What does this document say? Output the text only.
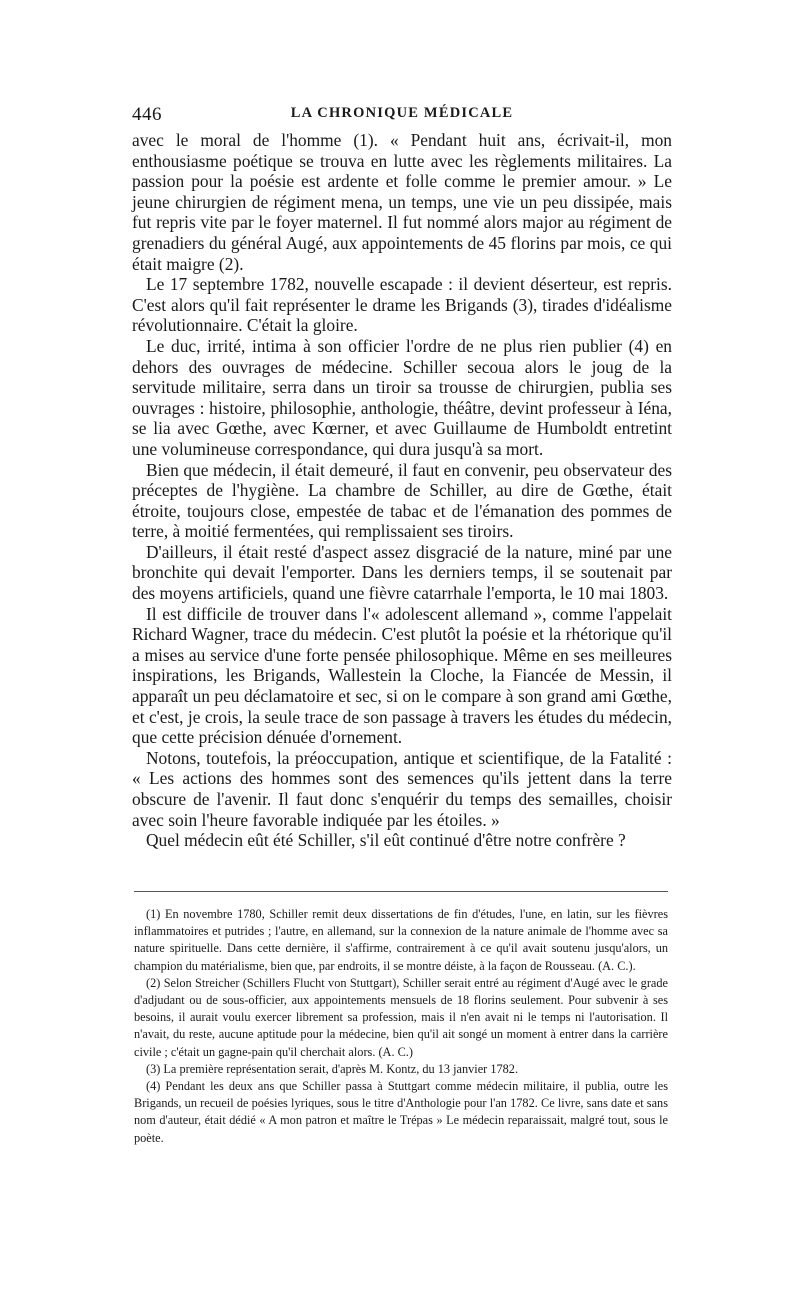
446	LA CHRONIQUE MÉDICALE

avec le moral de l'homme (1). « Pendant huit ans, écrivait-il, mon enthousiasme poétique se trouva en lutte avec les règlements militaires. La passion pour la poésie est ardente et folle comme le premier amour. » Le jeune chirurgien de régiment mena, un temps, une vie un peu dissipée, mais fut repris vite par le foyer maternel. Il fut nommé alors major au régiment de grenadiers du général Augé, aux appointements de 45 florins par mois, ce qui était maigre (2).

Le 17 septembre 1782, nouvelle escapade : il devient déserteur, est repris. C'est alors qu'il fait représenter le drame les Brigands (3), tirades d'idéalisme révolutionnaire. C'était la gloire.

Le duc, irrité, intima à son officier l'ordre de ne plus rien publier (4) en dehors des ouvrages de médecine. Schiller secoua alors le joug de la servitude militaire, serra dans un tiroir sa trousse de chirurgien, publia ses ouvrages : histoire, philosophie, anthologie, théâtre, devint professeur à Iéna, se lia avec Gœthe, avec Kœrner, et avec Guillaume de Humboldt entretint une volumineuse correspondance, qui dura jusqu'à sa mort.

Bien que médecin, il était demeuré, il faut en convenir, peu observateur des préceptes de l'hygiène. La chambre de Schiller, au dire de Gœthe, était étroite, toujours close, empestée de tabac et de l'émanation des pommes de terre, à moitié fermentées, qui remplissaient ses tiroirs.

D'ailleurs, il était resté d'aspect assez disgracié de la nature, miné par une bronchite qui devait l'emporter. Dans les derniers temps, il se soutenait par des moyens artificiels, quand une fièvre catarrhale l'emporta, le 10 mai 1803.

Il est difficile de trouver dans l'« adolescent allemand », comme l'appelait Richard Wagner, trace du médecin. C'est plutôt la poésie et la rhétorique qu'il a mises au service d'une forte pensée philosophique. Même en ses meilleures inspirations, les Brigands, Wallestein la Cloche, la Fiancée de Messin, il apparaît un peu déclamatoire et sec, si on le compare à son grand ami Gœthe, et c'est, je crois, la seule trace de son passage à travers les études du médecin, que cette précision dénuée d'ornement.

Notons, toutefois, la préoccupation, antique et scientifique, de la Fatalité : « Les actions des hommes sont des semences qu'ils jettent dans la terre obscure de l'avenir. Il faut donc s'enquérir du temps des semailles, choisir avec soin l'heure favorable indiquée par les étoiles. »

Quel médecin eût été Schiller, s'il eût continué d'être notre confrère ?

(1) En novembre 1780, Schiller remit deux dissertations de fin d'études, l'une, en latin, sur les fièvres inflammatoires et putrides ; l'autre, en allemand, sur la connexion de la nature animale de l'homme avec sa nature spirituelle. Dans cette dernière, il s'affirme, contrairement à ce qu'il avait soutenu jusqu'alors, un champion du matérialisme, bien que, par endroits, il se montre déiste, à la façon de Rousseau. (A. C.).

(2) Selon Streicher (Schillers Flucht von Stuttgart), Schiller serait entré au régiment d'Augé avec le grade d'adjudant ou de sous-officier, aux appointements mensuels de 18 florins seulement. Pour subvenir à ses besoins, il aurait voulu exercer librement sa profession, mais il n'en avait ni le temps ni l'autorisation. Il n'avait, du reste, aucune aptitude pour la médecine, bien qu'il ait songé un moment à entrer dans la carrière civile ; c'était un gagne-pain qu'il cherchait alors. (A. C.)

(3) La première représentation serait, d'après M. Kontz, du 13 janvier 1782.

(4) Pendant les deux ans que Schiller passa à Stuttgart comme médecin militaire, il publia, outre les Brigands, un recueil de poésies lyriques, sous le titre d'Anthologie pour l'an 1782. Ce livre, sans date et sans nom d'auteur, était dédié « A mon patron et maître le Trépas » Le médecin reparaissait, malgré tout, sous le poète.
